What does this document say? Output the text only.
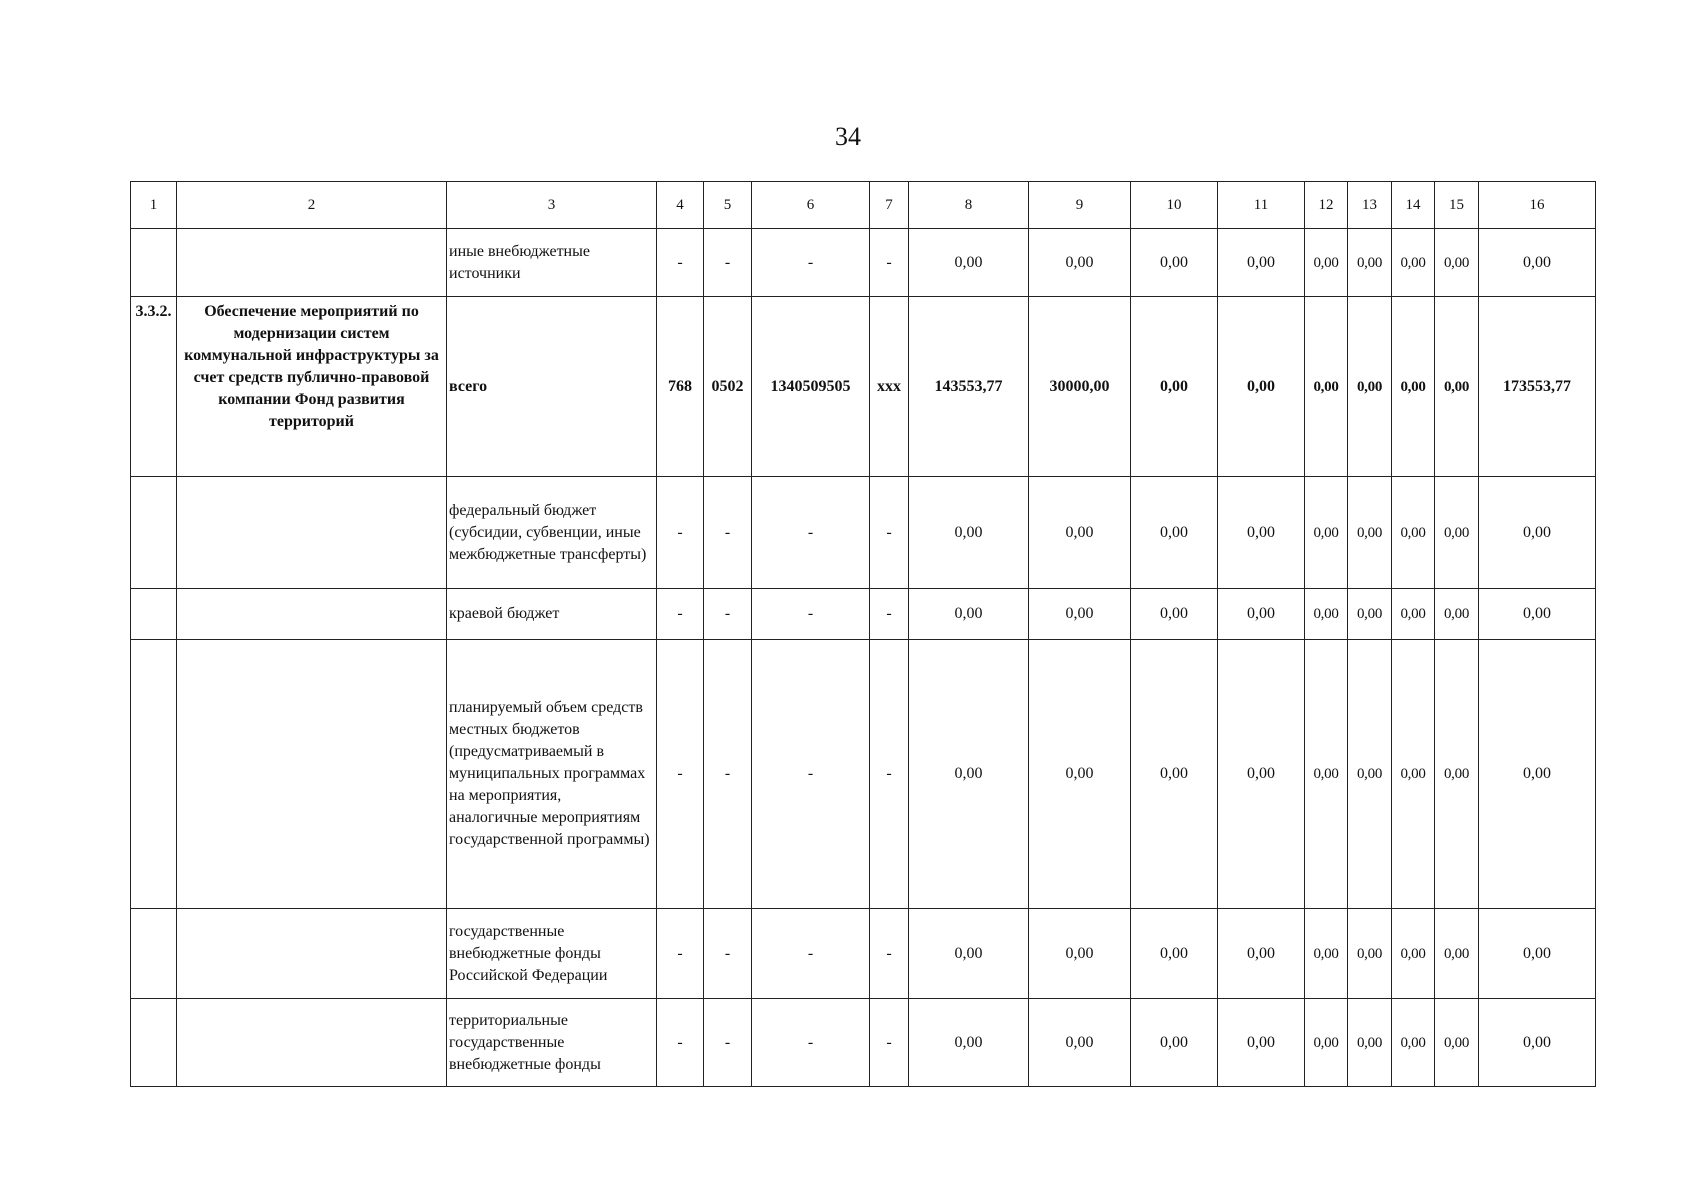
34
1	2	3	4	5	6	7	8	9	10	11	12	13	14	15	16
		иные внебюджетные источники	-	-	-	-	0,00	0,00	0,00	0,00	0,00	0,00	0,00	0,00	0,00
3.3.2.	Обеспечение мероприятий по модернизации систем коммунальной инфраструктуры за счет средств публично-правовой компании Фонд развития территорий	всего	768	0502	1340509505	ххх	143553,77	30000,00	0,00	0,00	0,00	0,00	0,00	0,00	173553,77
		федеральный бюджет (субсидии, субвенции, иные межбюджетные трансферты)	-	-	-	-	0,00	0,00	0,00	0,00	0,00	0,00	0,00	0,00	0,00
		краевой бюджет	-	-	-	-	0,00	0,00	0,00	0,00	0,00	0,00	0,00	0,00	0,00
		планируемый объем средств местных бюджетов (предусматриваемый в муниципальных программах на мероприятия, аналогичные мероприятиям государственной программы)	-	-	-	-	0,00	0,00	0,00	0,00	0,00	0,00	0,00	0,00	0,00
		государственные внебюджетные фонды Российской Федерации	-	-	-	-	0,00	0,00	0,00	0,00	0,00	0,00	0,00	0,00	0,00
		территориальные государственные внебюджетные фонды	-	-	-	-	0,00	0,00	0,00	0,00	0,00	0,00	0,00	0,00	0,00
